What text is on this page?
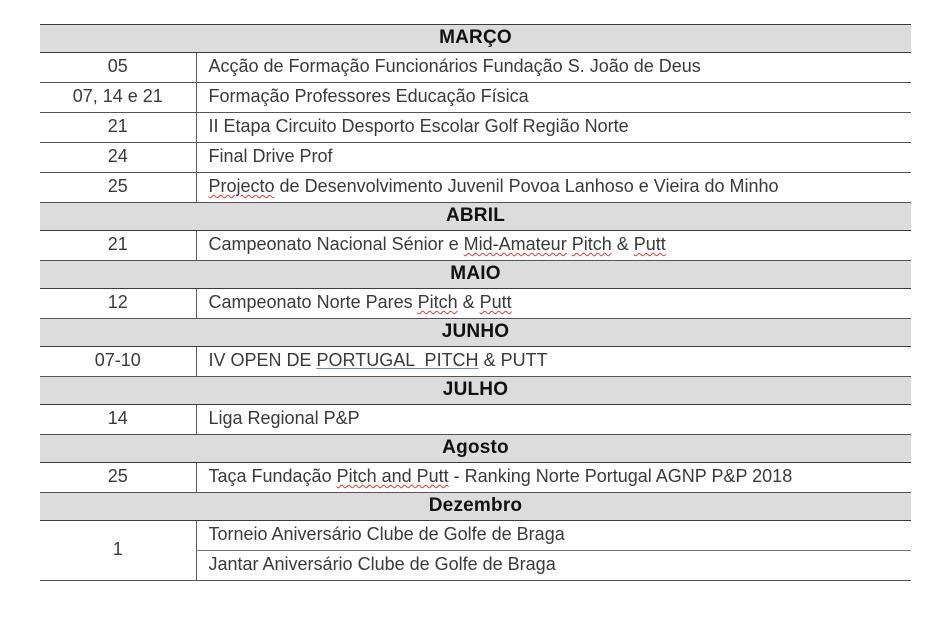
MARÇO	
05	Acção de Formação Funcionários Fundação S. João de Deus
07, 14 e 21	Formação Professores Educação Física
21	II Etapa Circuito Desporto Escolar Golf Região Norte
24	Final Drive Prof
25	Projecto de Desenvolvimento Juvenil Povoa Lanhoso e Vieira do Minho
ABRIL	
21	Campeonato Nacional Sénior e Mid-Amateur Pitch & Putt
MAIO	
12	Campeonato Norte Pares Pitch & Putt
JUNHO	
07-10	IV OPEN DE PORTUGAL  PITCH & PUTT
JULHO	
14	Liga Regional P&P
Agosto	
25	Taça Fundação Pitch and Putt - Ranking Norte Portugal AGNP P&P 2018
Dezembro	
1	Torneio Aniversário Clube de Golfe de Braga
	Jantar Aniversário Clube de Golfe de Braga
